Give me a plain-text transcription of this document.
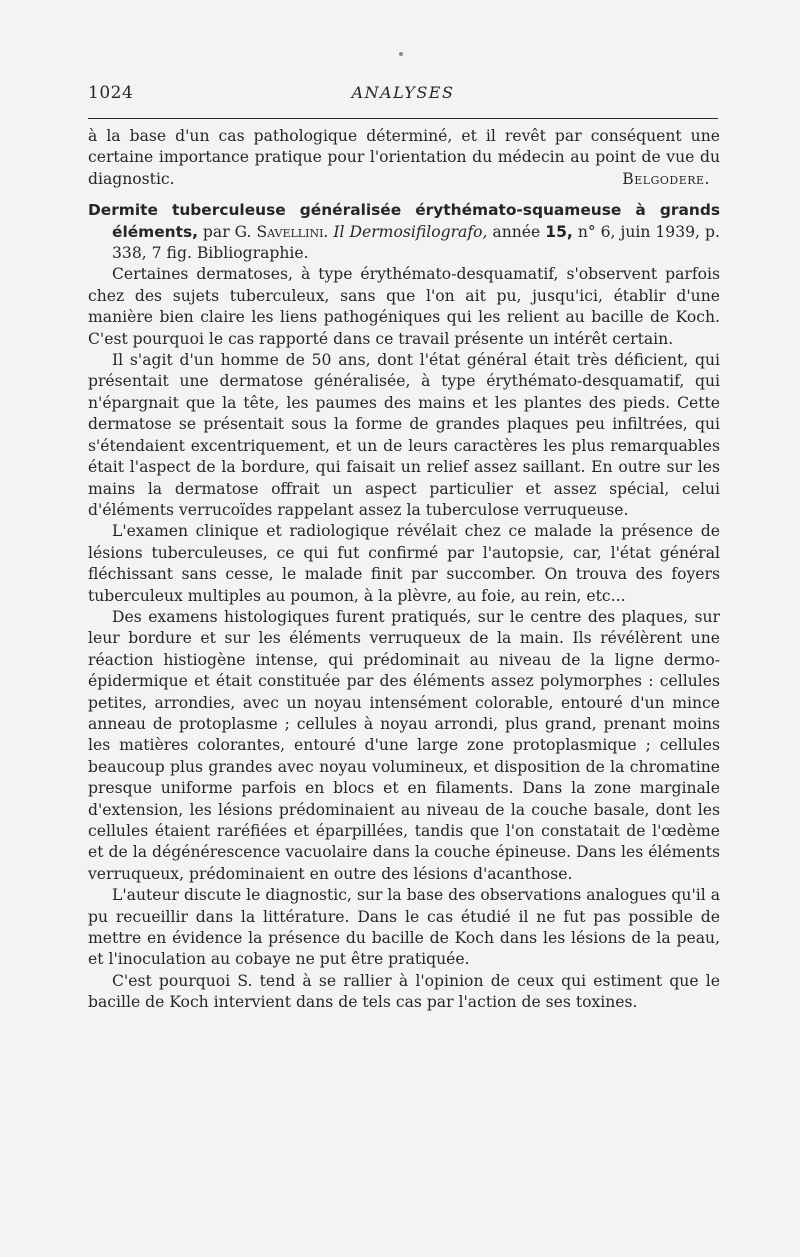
1024	ANALYSES

à la base d'un cas pathologique déterminé, et il revêt par conséquent une certaine importance pratique pour l'orientation du médecin au point de vue du diagnostic.	Belgodere.

Dermite tuberculeuse généralisée érythémato-squameuse à grands éléments, par G. Savellini. Il Dermosifilografo, année 15, n° 6, juin 1939, p. 338, 7 fig. Bibliographie.

Certaines dermatoses, à type érythémato-desquamatif, s'observent parfois chez des sujets tuberculeux, sans que l'on ait pu, jusqu'ici, établir d'une manière bien claire les liens pathogéniques qui les relient au bacille de Koch. C'est pourquoi le cas rapporté dans ce travail présente un intérêt certain.

Il s'agit d'un homme de 50 ans, dont l'état général était très déficient, qui présentait une dermatose généralisée, à type érythémato-desquamatif, qui n'épargnait que la tête, les paumes des mains et les plantes des pieds. Cette dermatose se présentait sous la forme de grandes plaques peu infiltrées, qui s'étendaient excentriquement, et un de leurs caractères les plus remarquables était l'aspect de la bordure, qui faisait un relief assez saillant. En outre sur les mains la dermatose offrait un aspect particulier et assez spécial, celui d'éléments verrucoïdes rappelant assez la tuberculose verruqueuse.

L'examen clinique et radiologique révélait chez ce malade la présence de lésions tuberculeuses, ce qui fut confirmé par l'autopsie, car, l'état général fléchissant sans cesse, le malade finit par succomber. On trouva des foyers tuberculeux multiples au poumon, à la plèvre, au foie, au rein, etc...

Des examens histologiques furent pratiqués, sur le centre des plaques, sur leur bordure et sur les éléments verruqueux de la main. Ils révélèrent une réaction histiogène intense, qui prédominait au niveau de la ligne dermo-épidermique et était constituée par des éléments assez polymorphes : cellules petites, arrondies, avec un noyau intensément colorable, entouré d'un mince anneau de protoplasme ; cellules à noyau arrondi, plus grand, prenant moins les matières colorantes, entouré d'une large zone protoplasmique ; cellules beaucoup plus grandes avec noyau volumineux, et disposition de la chromatine presque uniforme parfois en blocs et en filaments. Dans la zone marginale d'extension, les lésions prédominaient au niveau de la couche basale, dont les cellules étaient raréfiées et éparpillées, tandis que l'on constatait de l'œdème et de la dégénérescence vacuolaire dans la couche épineuse. Dans les éléments verruqueux, prédominaient en outre des lésions d'acanthose.

L'auteur discute le diagnostic, sur la base des observations analogues qu'il a pu recueillir dans la littérature. Dans le cas étudié il ne fut pas possible de mettre en évidence la présence du bacille de Koch dans les lésions de la peau, et l'inoculation au cobaye ne put être pratiquée.

C'est pourquoi S. tend à se rallier à l'opinion de ceux qui estiment que le bacille de Koch intervient dans de tels cas par l'action de ses toxines.
